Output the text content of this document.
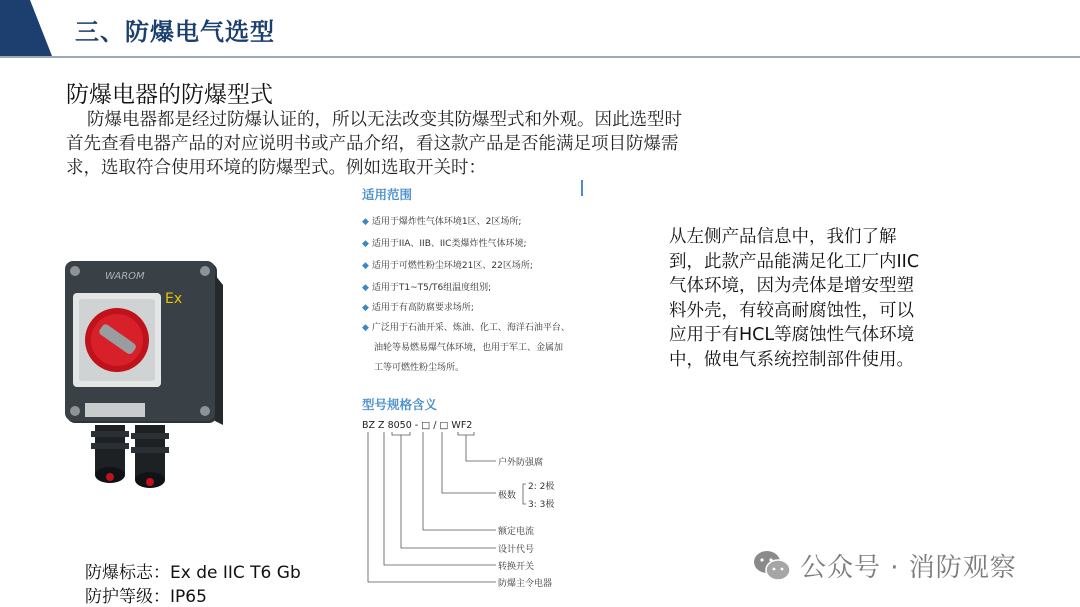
三、防爆电气选型
防爆电器的防爆型式
防爆电器都是经过防爆认证的，所以无法改变其防爆型式和外观。因此选型时首先查看电器产品的对应说明书或产品介绍，看这款产品是否能满足项目防爆需求，选取符合使用环境的防爆型式。例如选取开关时：
WAROM
Ex
防爆标志：Ex de IIC T6 Gb
防护等级：IP65
适用范围
◆ 适用于爆炸性气体环境1区、2区场所;
◆ 适用于IIA、IIB、IIC类爆炸性气体环境;
◆ 适用于可燃性粉尘环境21区、22区场所;
◆ 适用于T1~T5/T6组温度组别;
◆ 适用于有高防腐要求场所;
◆ 广泛用于石油开采、炼油、化工、海洋石油平台、
油轮等易燃易爆气体环境，也用于军工、金属加
工等可燃性粉尘场所。
型号规格含义
BZ Z 8050 - □ / □ WF2
户外防强腐
极数
2: 2极
3: 3极
额定电流
设计代号
转换开关
防爆主令电器
从左侧产品信息中，我们了解到，此款产品能满足化工厂内IIC气体环境，因为壳体是增安型塑料外壳，有较高耐腐蚀性，可以应用于有HCL等腐蚀性气体环境中，做电气系统控制部件使用。
公众号 · 消防观察
